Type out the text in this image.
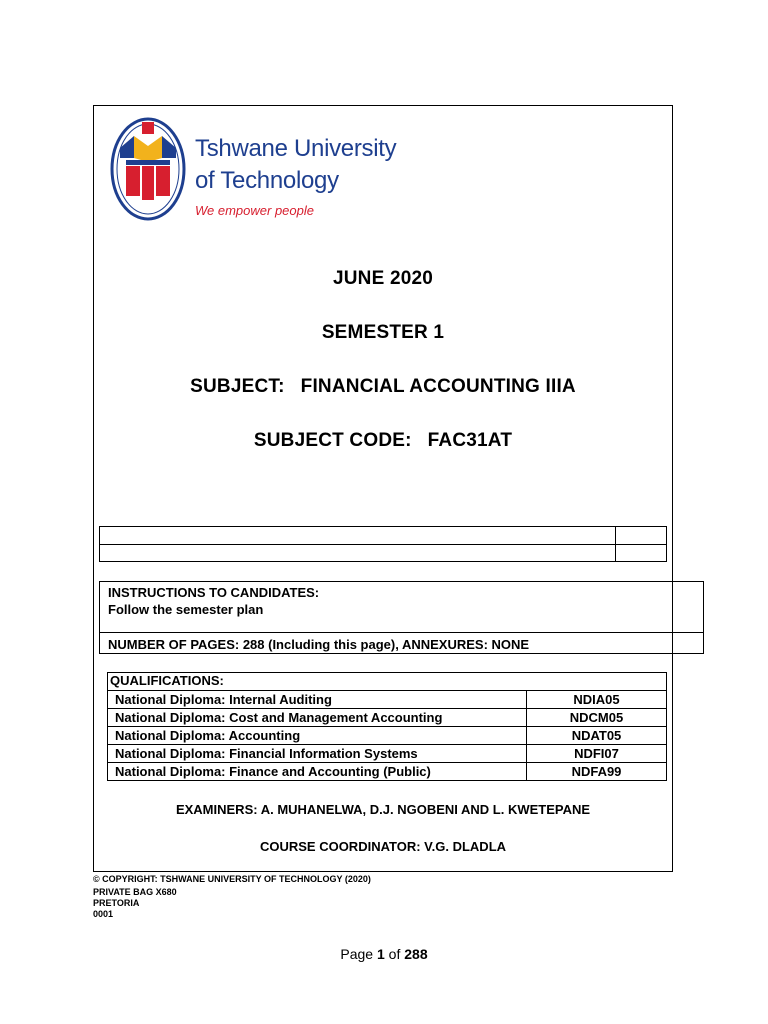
Tshwane University
of Technology
We empower people
JUNE 2020
SEMESTER 1
SUBJECT: FINANCIAL ACCOUNTING IIIA
SUBJECT CODE: FAC31AT
INSTRUCTIONS TO CANDIDATES:
Follow the semester plan
NUMBER OF PAGES: 288 (Including this page), ANNEXURES: NONE
QUALIFICATIONS:
National Diploma: Internal Auditing	NDIA05
National Diploma: Cost and Management Accounting	NDCM05
National Diploma: Accounting	NDAT05
National Diploma: Financial Information Systems	NDFI07
National Diploma: Finance and Accounting (Public)	NDFA99
EXAMINERS: A. MUHANELWA, D.J. NGOBENI AND L. KWETEPANE
COURSE COORDINATOR: V.G. DLADLA
© COPYRIGHT: TSHWANE UNIVERSITY OF TECHNOLOGY (2020)
PRIVATE BAG X680
PRETORIA
0001
Page 1 of 288
